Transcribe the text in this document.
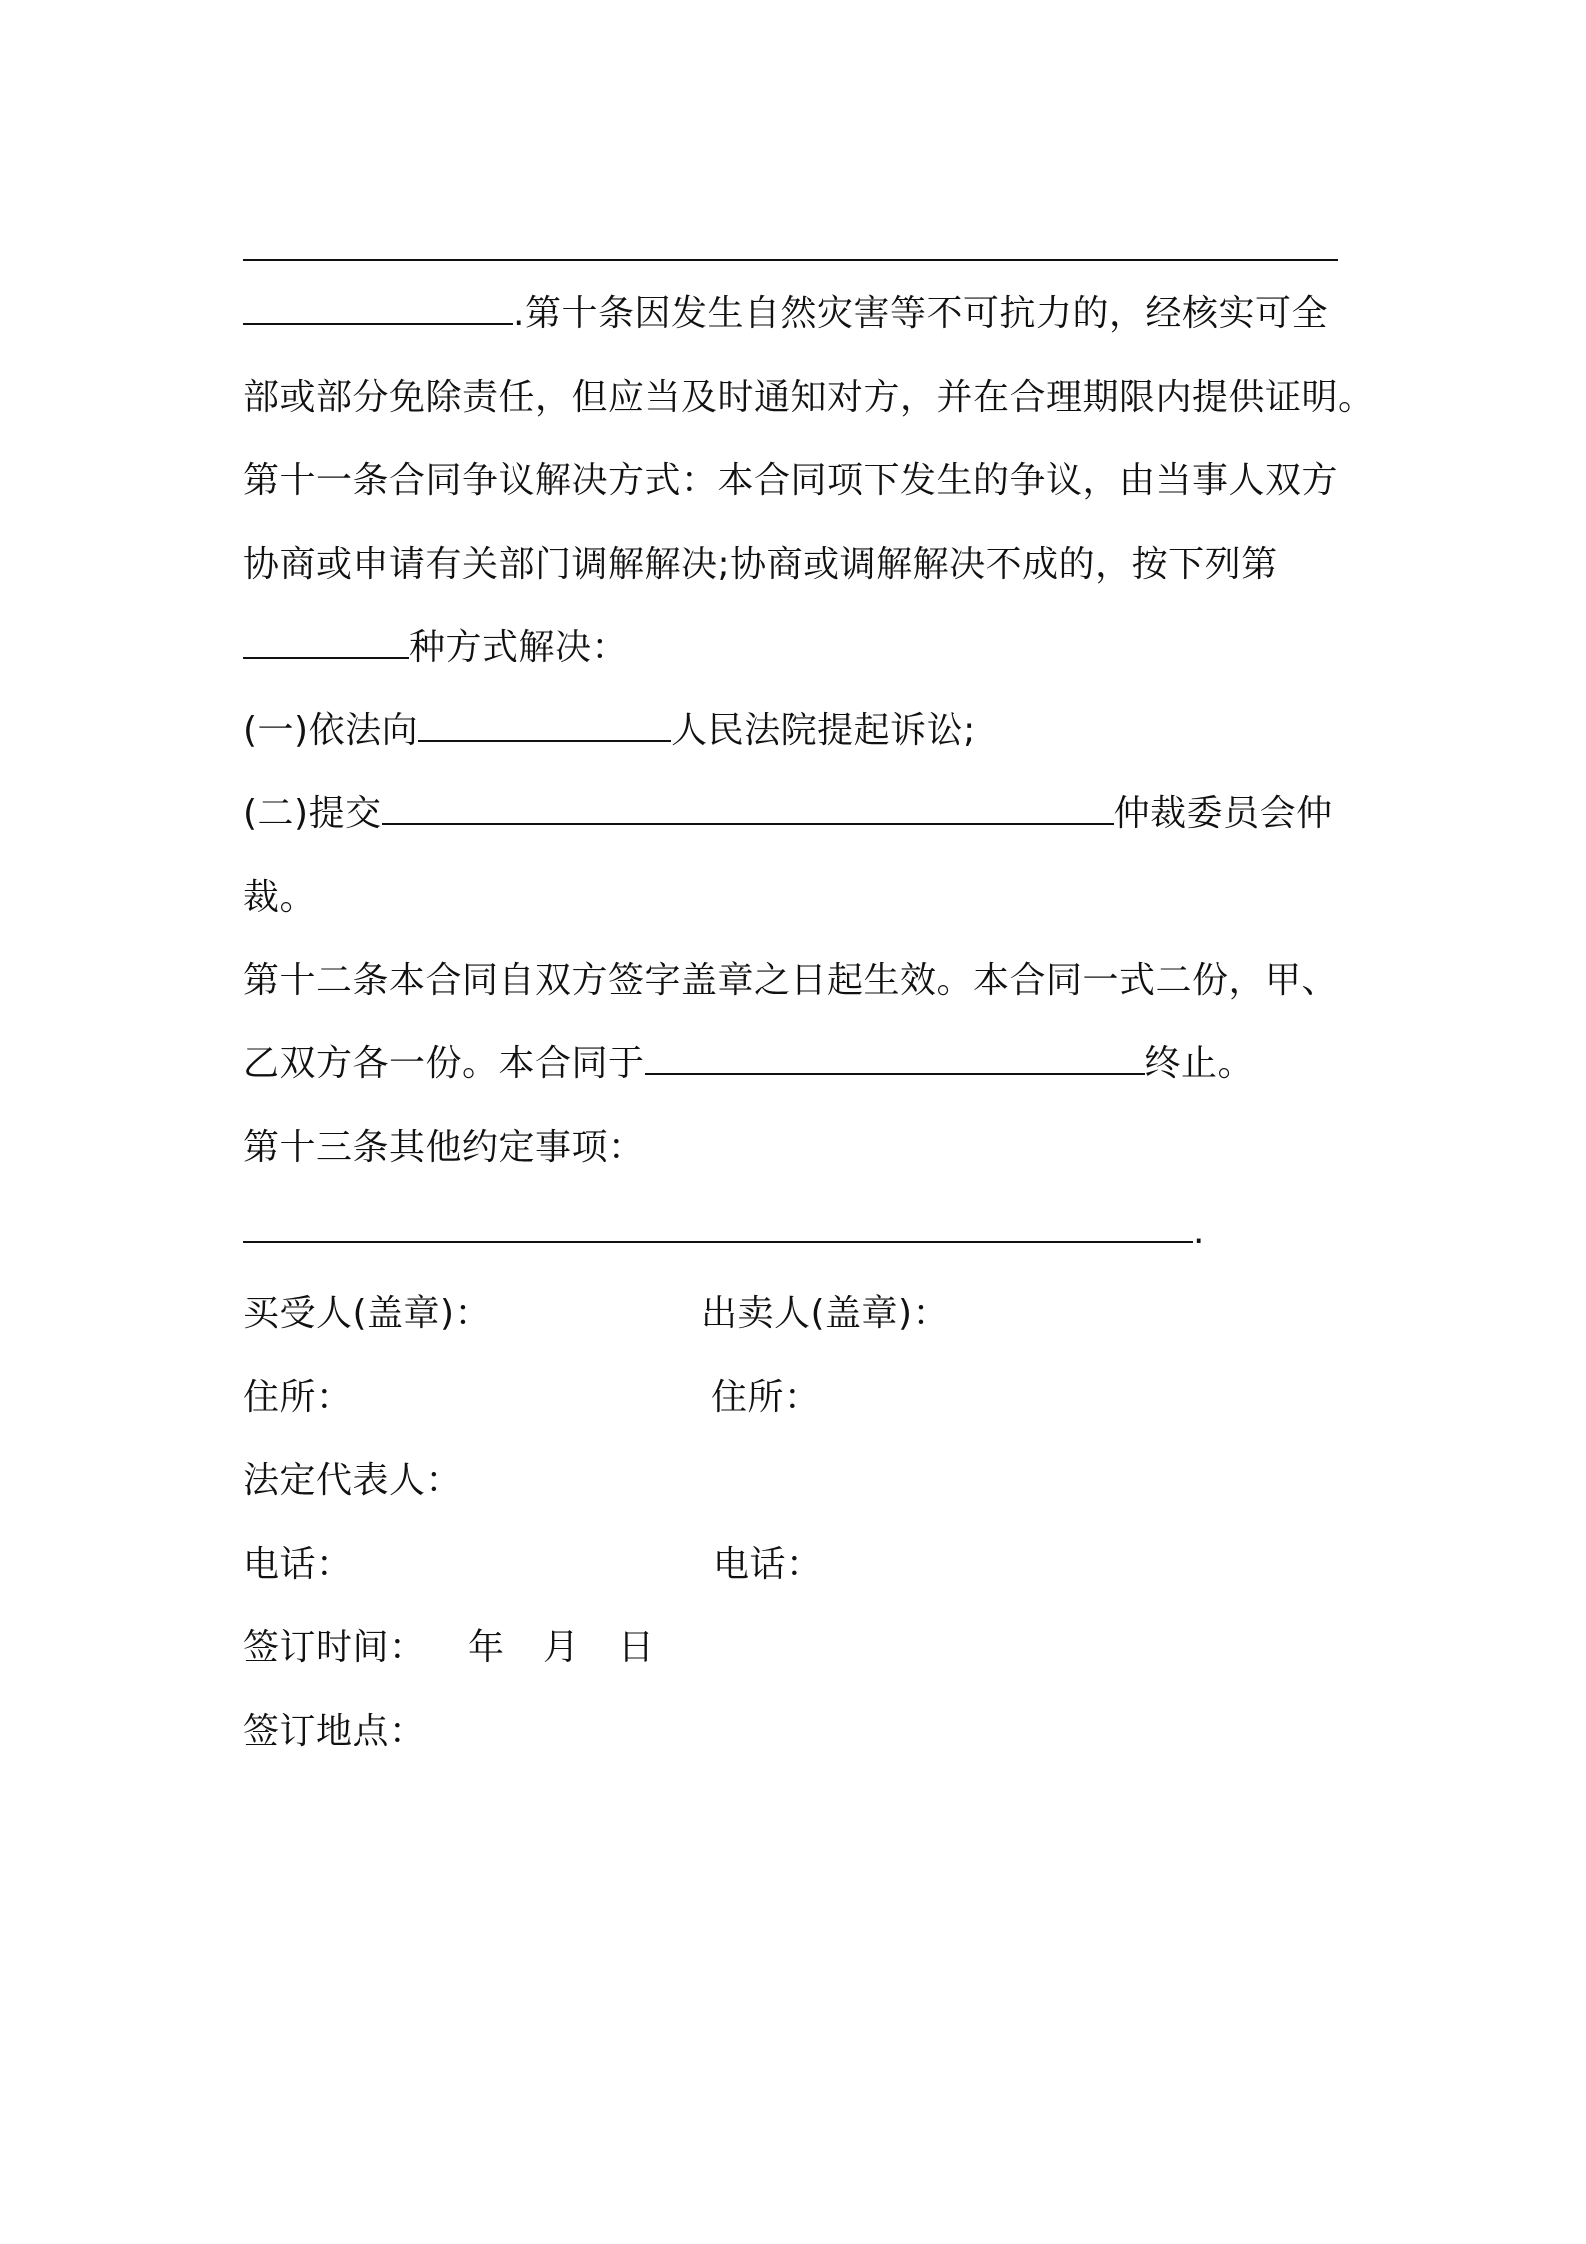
.第十条因发生自然灾害等不可抗力的，经核实可全
部或部分免除责任，但应当及时通知对方，并在合理期限内提供证明。
第十一条合同争议解决方式：本合同项下发生的争议，由当事人双方
协商或申请有关部门调解解决;协商或调解解决不成的，按下列第
种方式解决：
(一)依法向	人民法院提起诉讼;
(二)提交	仲裁委员会仲
裁。
第十二条本合同自双方签字盖章之日起生效。本合同一式二份，甲、
乙双方各一份。本合同于	终止。
第十三条其他约定事项：
.
买受人(盖章)：	出卖人(盖章)：
住所：	住所：
法定代表人：
电话：	电话：
签订时间： 年 月 日
签订地点：
